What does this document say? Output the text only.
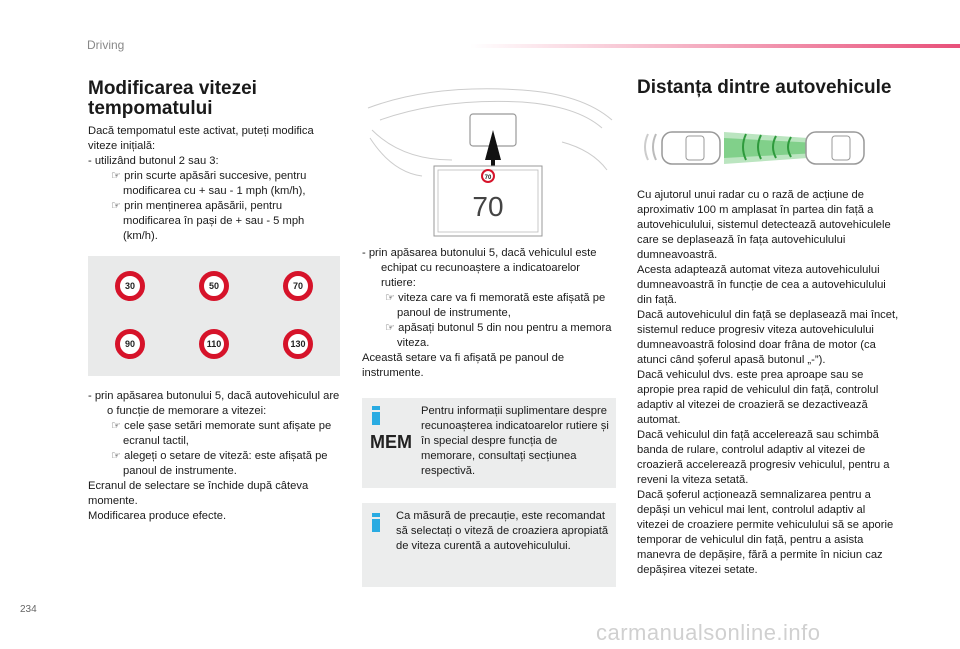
Driving
Modificarea vitezei
tempomatului
Dacă tempomatul este activat, puteți modifica viteze inițială:
- utilizând butonul 2 sau 3:
☞ prin scurte apăsări succesive, pentru modificarea cu + sau - 1 mph (km/h),
☞ prin menținerea apăsării, pentru modificarea în pași de + sau - 5 mph (km/h).
30	50	70
90	110	130
- prin apăsarea butonului 5, dacă autovehiculul are o funcție de memorare a vitezei:
☞ cele șase setări memorate sunt afișate pe ecranul tactil,
☞ alegeți o setare de viteză: este afișată pe panoul de instrumente.
Ecranul de selectare se închide după câteva momente.
Modificarea produce efecte.
70
70
- prin apăsarea butonului 5, dacă vehiculul este echipat cu recunoaștere a indicatoarelor rutiere:
☞ viteza care va fi memorată este afișată pe panoul de instrumente,
☞ apăsați butonul 5 din nou pentru a memora viteza.
Această setare va fi afișată pe panoul de instrumente.
MEM
Pentru informații suplimentare despre recunoașterea indicatoarelor rutiere și în special despre funcția de memorare, consultați secțiunea respectivă.
Ca măsură de precauție, este recomandat să selectați o viteză de croaziera apropiată de viteza curentă a autovehiculului.
Distanța dintre autovehicule
Cu ajutorul unui radar cu o rază de acțiune de aproximativ 100 m amplasat în partea din față a autovehiculului, sistemul detectează autovehiculele care se deplasează în fața autovehiculului dumneavoastră.
Acesta adaptează automat viteza autovehiculului dumneavoastră în funcție de cea a autovehiculului din față.
Dacă autovehiculul din față se deplasează mai încet, sistemul reduce progresiv viteza autovehiculului dumneavoastră folosind doar frâna de motor (ca atunci când șoferul apasă butonul „-”).
Dacă vehiculul dvs. este prea aproape sau se apropie prea rapid de vehiculul din față, controlul adaptiv al vitezei de croazieră se dezactivează automat.
Dacă vehiculul din față accelerează sau schimbă banda de rulare, controlul adaptiv al vitezei de croazieră accelerează progresiv vehiculul, pentru a reveni la viteza setată.
Dacă șoferul acționează semnalizarea pentru a depăși un vehicul mai lent, controlul adaptiv al vitezei de croaziere permite vehiculului să se aporie temporar de vehiculul din față, pentru a asista manevra de depășire, fără a permite în niciun caz depășirea vitezei setate.
234
carmanualsonline.info
